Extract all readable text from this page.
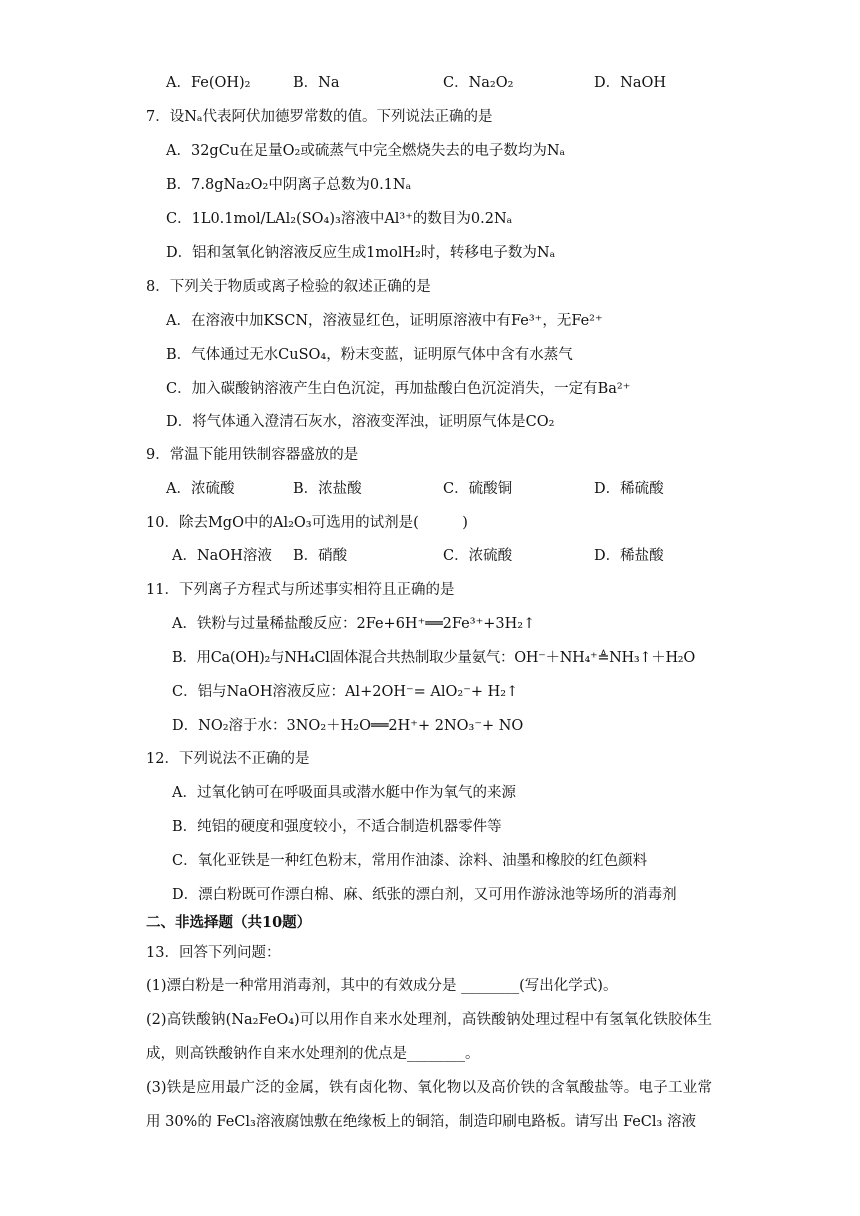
A．Fe(OH)₂	B．Na	C．Na₂O₂	D．NaOH
7．设Nₐ代表阿伏加德罗常数的值。下列说法正确的是
A．32gCu在足量O₂或硫蒸气中完全燃烧失去的电子数均为Nₐ
B．7.8gNa₂O₂中阴离子总数为0.1Nₐ
C．1L0.1mol/LAl₂(SO₄)₃溶液中Al³⁺的数目为0.2Nₐ
D．铝和氢氧化钠溶液反应生成1molH₂时，转移电子数为Nₐ
8．下列关于物质或离子检验的叙述正确的是
A．在溶液中加KSCN，溶液显红色，证明原溶液中有Fe³⁺，无Fe²⁺
B．气体通过无水CuSO₄，粉末变蓝，证明原气体中含有水蒸气
C．加入碳酸钠溶液产生白色沉淀，再加盐酸白色沉淀消失，一定有Ba²⁺
D．将气体通入澄清石灰水，溶液变浑浊，证明原气体是CO₂
9．常温下能用铁制容器盛放的是
A．浓硫酸	B．浓盐酸	C．硫酸铜	D．稀硫酸
10．除去MgO中的Al₂O₃可选用的试剂是(　　　)
A．NaOH溶液 B．硝酸	C．浓硫酸	D．稀盐酸
11．下列离子方程式与所述事实相符且正确的是
A．铁粉与过量稀盐酸反应：2Fe+6H⁺══2Fe³⁺+3H₂↑
B．用Ca(OH)₂与NH₄Cl固体混合共热制取少量氨气：OH⁻＋NH₄⁺≜NH₃↑＋H₂O
C．铝与NaOH溶液反应：Al+2OH⁻= AlO₂⁻+ H₂↑
D．NO₂溶于水：3NO₂＋H₂O══2H⁺+ 2NO₃⁻+ NO
12．下列说法不正确的是
A．过氧化钠可在呼吸面具或潜水艇中作为氧气的来源
B．纯铝的硬度和强度较小，不适合制造机器零件等
C．氧化亚铁是一种红色粉末，常用作油漆、涂料、油墨和橡胶的红色颜料
D．漂白粉既可作漂白棉、麻、纸张的漂白剂，又可用作游泳池等场所的消毒剂
二、非选择题（共10题）
13．回答下列问题：
(1)漂白粉是一种常用消毒剂，其中的有效成分是 ________(写出化学式)。
(2)高铁酸钠(Na₂FeO₄)可以用作自来水处理剂，高铁酸钠处理过程中有氢氧化铁胶体生成，则高铁酸钠作自来水处理剂的优点是________。
(3)铁是应用最广泛的金属，铁有卤化物、氧化物以及高价铁的含氧酸盐等。电子工业常用 30%的 FeCl₃溶液腐蚀敷在绝缘板上的铜箔，制造印刷电路板。请写出 FeCl₃ 溶液
